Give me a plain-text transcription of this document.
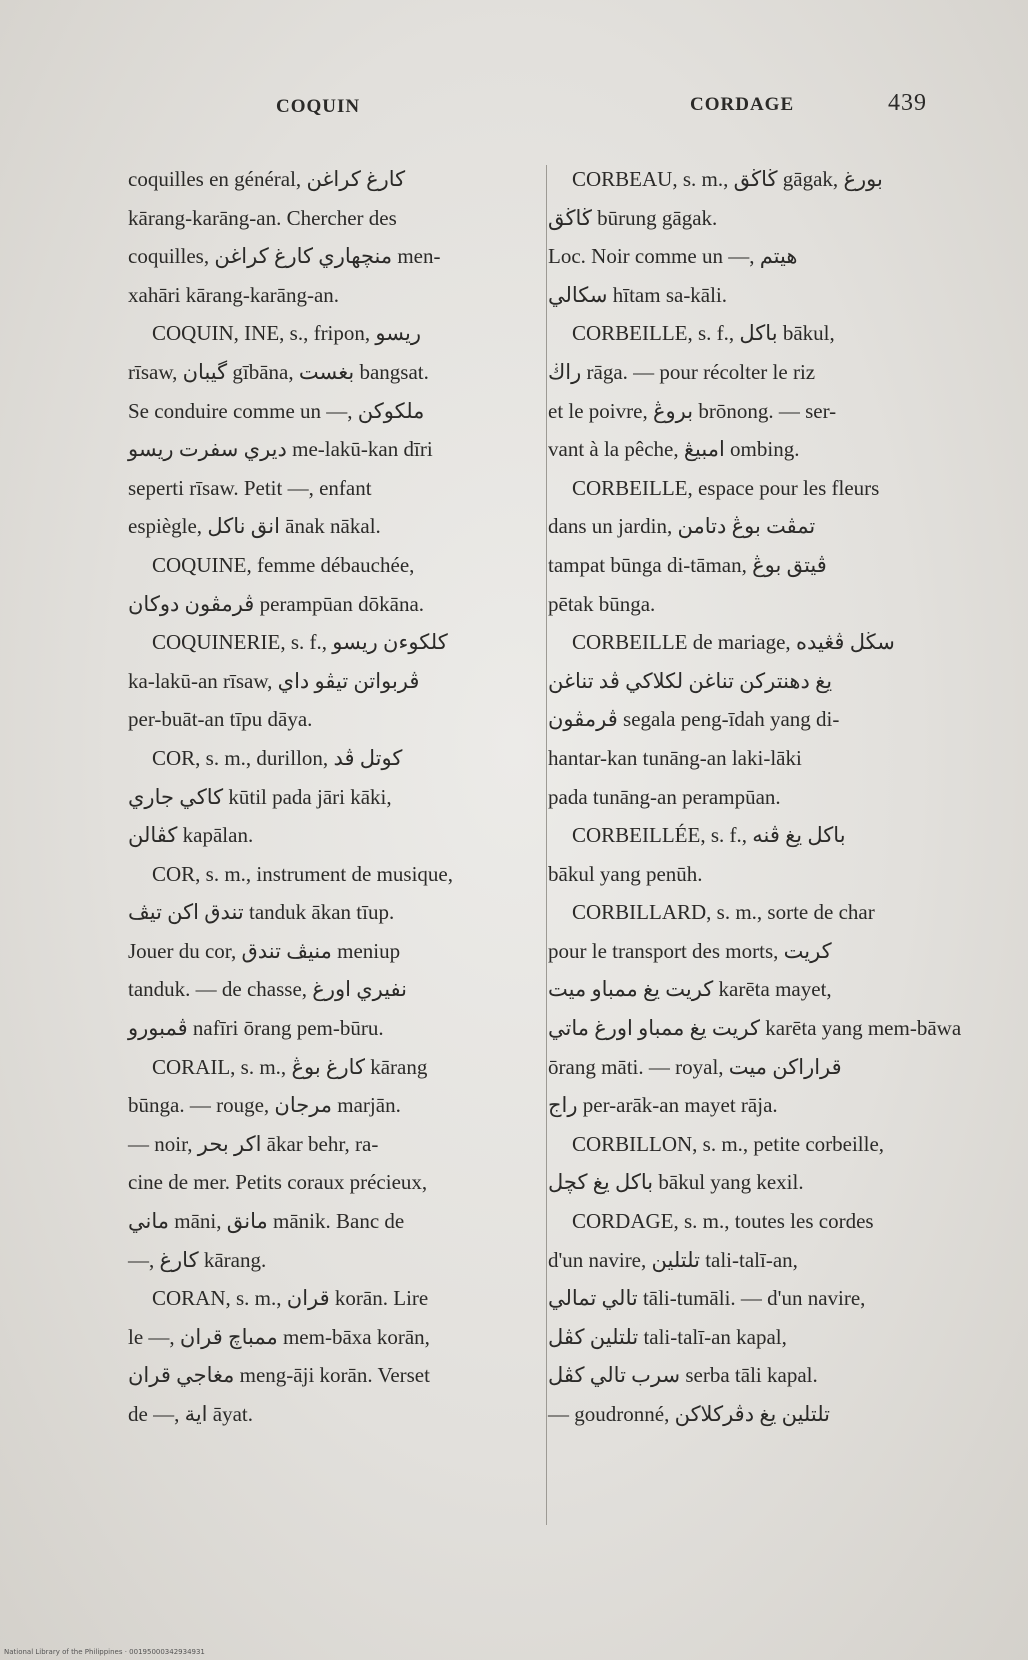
COQUIN	CORDAGE	439
coquilles en général, كارغ كراغن
kārang-karāng-an. Chercher des
coquilles, منچهاري كارغ كراغن men-
xahāri kārang-karāng-an.
COQUIN, INE, s., fripon, ريسو
rīsaw, گيبان gībāna, بغست bangsat.
Se conduire comme un —, ملكوكن
ديري سفرت ريسو me-lakū-kan dīri
seperti rīsaw. Petit —, enfant
espiègle, انق ناكل ānak nākal.
COQUINE, femme débauchée,
ڤرمڤون دوكان perampūan dōkāna.
COQUINERIE, s. f., كلكوءن ريسو
ka-lakū-an rīsaw, ڤربواتن تيڤو داي
per-buāt-an tīpu dāya.
COR, s. m., durillon, كوتل ڤد
كاكي جاري kūtil pada jāri kāki,
كڤالن kapālan.
COR, s. m., instrument de musique,
تندق اكن تيڤ tanduk ākan tīup.
Jouer du cor, منيڤ تندق meniup
tanduk. — de chasse, نفيري اورغ
ڤمبورو nafīri ōrang pem-būru.
CORAIL, s. m., كارغ بوڠ kārang
būnga. — rouge, مرجان marjān.
— noir, اكر بحر ākar behr, ra-
cine de mer. Petits coraux précieux,
ماني māni, مانق mānik. Banc de
—, كارغ kārang.
CORAN, s. m., قران korān. Lire
le —, ممباچ قران mem-bāxa korān,
مغاجي قران meng-āji korān. Verset
de —, اية āyat.
CORBEAU, s. m., ڬاڬق gāgak, بورغ
ڬاڬق būrung gāgak.
Loc. Noir comme un —, هيتم
سكالي hītam sa-kāli.
CORBEILLE, s. f., باكل bākul,
راڬ rāga. — pour récolter le riz
et le poivre, بروڠ brōnong. — ser-
vant à la pêche, امبيڠ ombing.
CORBEILLE, espace pour les fleurs
dans un jardin, تمڤت بوڠ دتامن
tampat būnga di-tāman, ڤيتق بوڠ
pētak būnga.
CORBEILLE de mariage, سڬل ڤڠيده
يغ دهنترکن تناغن لكلاکي ڤد تناغن
ڤرمڤون segala peng-īdah yang di-
hantar-kan tunāng-an laki-lāki
pada tunāng-an perampūan.
CORBEILLÉE, s. f., باكل يغ ڤنه
bākul yang penūh.
CORBILLARD, s. m., sorte de char
pour le transport des morts, كريت
كريت يغ ممباو ميت karēta mayet,
كريت يغ ممباو اورغ ماتي karēta yang mem-bāwa
ōrang māti. — royal, قراراكن ميت
راج per-arāk-an mayet rāja.
CORBILLON, s. m., petite corbeille,
باكل يغ كچل bākul yang kexil.
CORDAGE, s. m., toutes les cordes
d'un navire, تلتلين tali-talī-an,
تالي تمالي tāli-tumāli. — d'un navire,
تلتلين كڤل tali-talī-an kapal,
سرب تالي كڤل serba tāli kapal.
— goudronné, تلتلين يغ دڤركلاكن
National Library of the Philippines · 00195000342934931
